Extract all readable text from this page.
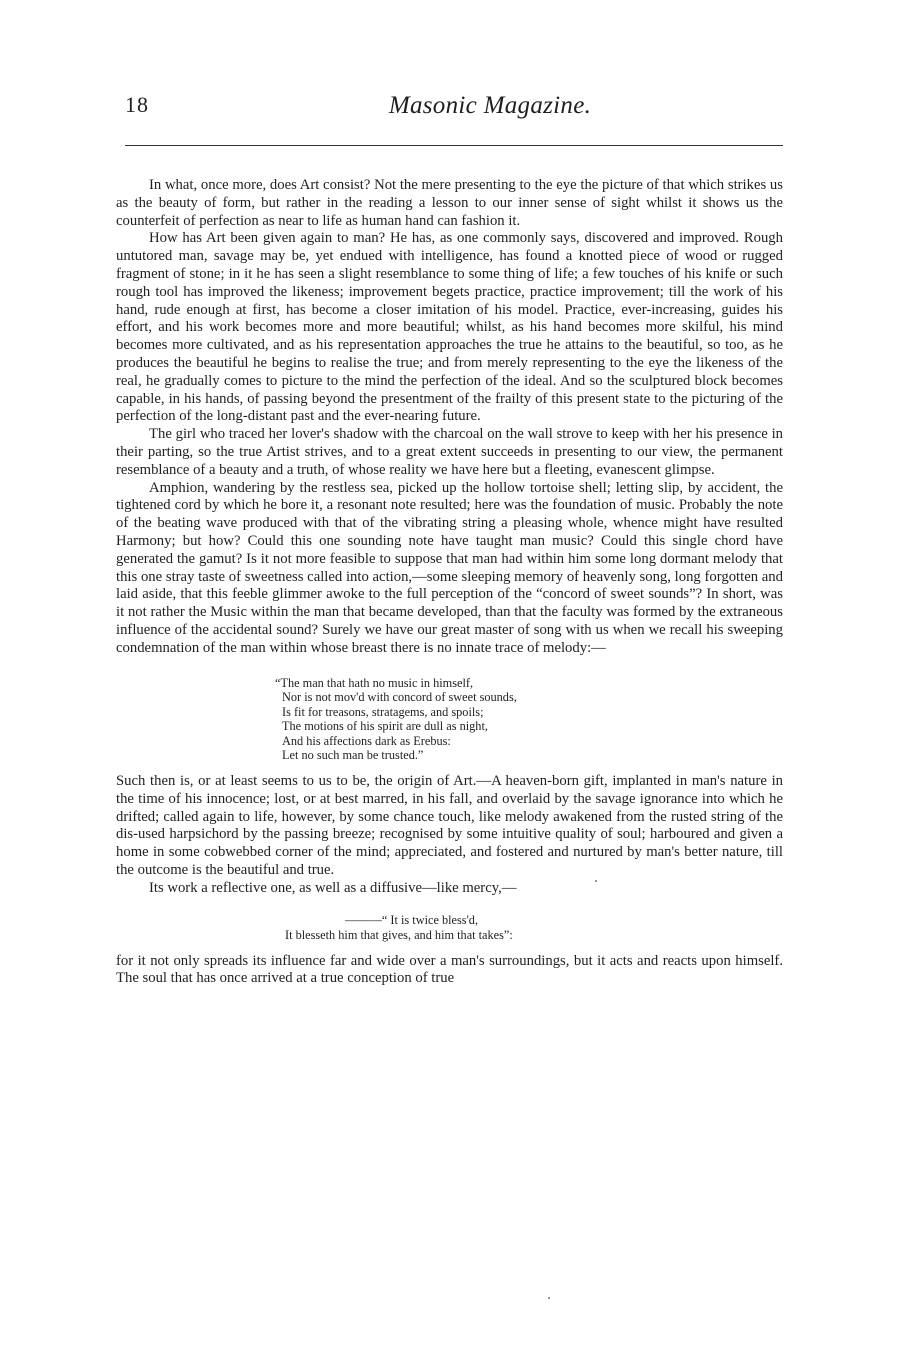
18	Masonic Magazine.

In what, once more, does Art consist? Not the mere presenting to the eye the picture of that which strikes us as the beauty of form, but rather in the reading a lesson to our inner sense of sight whilst it shows us the counterfeit of perfection as near to life as human hand can fashion it.

How has Art been given again to man? He has, as one commonly says, discovered and improved. Rough untutored man, savage may be, yet endued with intelligence, has found a knotted piece of wood or rugged fragment of stone; in it he has seen a slight resemblance to some thing of life; a few touches of his knife or such rough tool has improved the likeness; improvement begets practice, practice improvement; till the work of his hand, rude enough at first, has become a closer imitation of his model. Practice, ever-increasing, guides his effort, and his work becomes more and more beautiful; whilst, as his hand becomes more skilful, his mind becomes more cultivated, and as his representation approaches the true he attains to the beautiful, so too, as he produces the beautiful he begins to realise the true; and from merely representing to the eye the likeness of the real, he gradually comes to picture to the mind the perfection of the ideal. And so the sculptured block becomes capable, in his hands, of passing beyond the presentment of the frailty of this present state to the picturing of the perfection of the long-distant past and the ever-nearing future.

The girl who traced her lover's shadow with the charcoal on the wall strove to keep with her his presence in their parting, so the true Artist strives, and to a great extent succeeds in presenting to our view, the permanent resemblance of a beauty and a truth, of whose reality we have here but a fleeting, evanescent glimpse.

Amphion, wandering by the restless sea, picked up the hollow tortoise shell; letting slip, by accident, the tightened cord by which he bore it, a resonant note resulted; here was the foundation of music. Probably the note of the beating wave produced with that of the vibrating string a pleasing whole, whence might have resulted Harmony; but how? Could this one sounding note have taught man music? Could this single chord have generated the gamut? Is it not more feasible to suppose that man had within him some long dormant melody that this one stray taste of sweetness called into action,—some sleeping memory of heavenly song, long forgotten and laid aside, that this feeble glimmer awoke to the full perception of the “concord of sweet sounds”? In short, was it not rather the Music within the man that became developed, than that the faculty was formed by the extraneous influence of the accidental sound? Surely we have our great master of song with us when we recall his sweeping condemnation of the man within whose breast there is no innate trace of melody:—

“The man that hath no music in himself,
Nor is not mov'd with concord of sweet sounds,
Is fit for treasons, stratagems, and spoils;
The motions of his spirit are dull as night,
And his affections dark as Erebus:
Let no such man be trusted.”

Such then is, or at least seems to us to be, the origin of Art.—A heaven-born gift, implanted in man's nature in the time of his innocence; lost, or at best marred, in his fall, and overlaid by the savage ignorance into which he drifted; called again to life, however, by some chance touch, like melody awakened from the rusted string of the dis-used harpsichord by the passing breeze; recognised by some intuitive quality of soul; harboured and given a home in some cobwebbed corner of the mind; appreciated, and fostered and nurtured by man's better nature, till the outcome is the beautiful and true.

Its work a reflective one, as well as a diffusive—like mercy,—

———“ It is twice bless'd,
It blesseth him that gives, and him that takes”:

for it not only spreads its influence far and wide over a man's surroundings, but it acts and reacts upon himself. The soul that has once arrived at a true conception of true
